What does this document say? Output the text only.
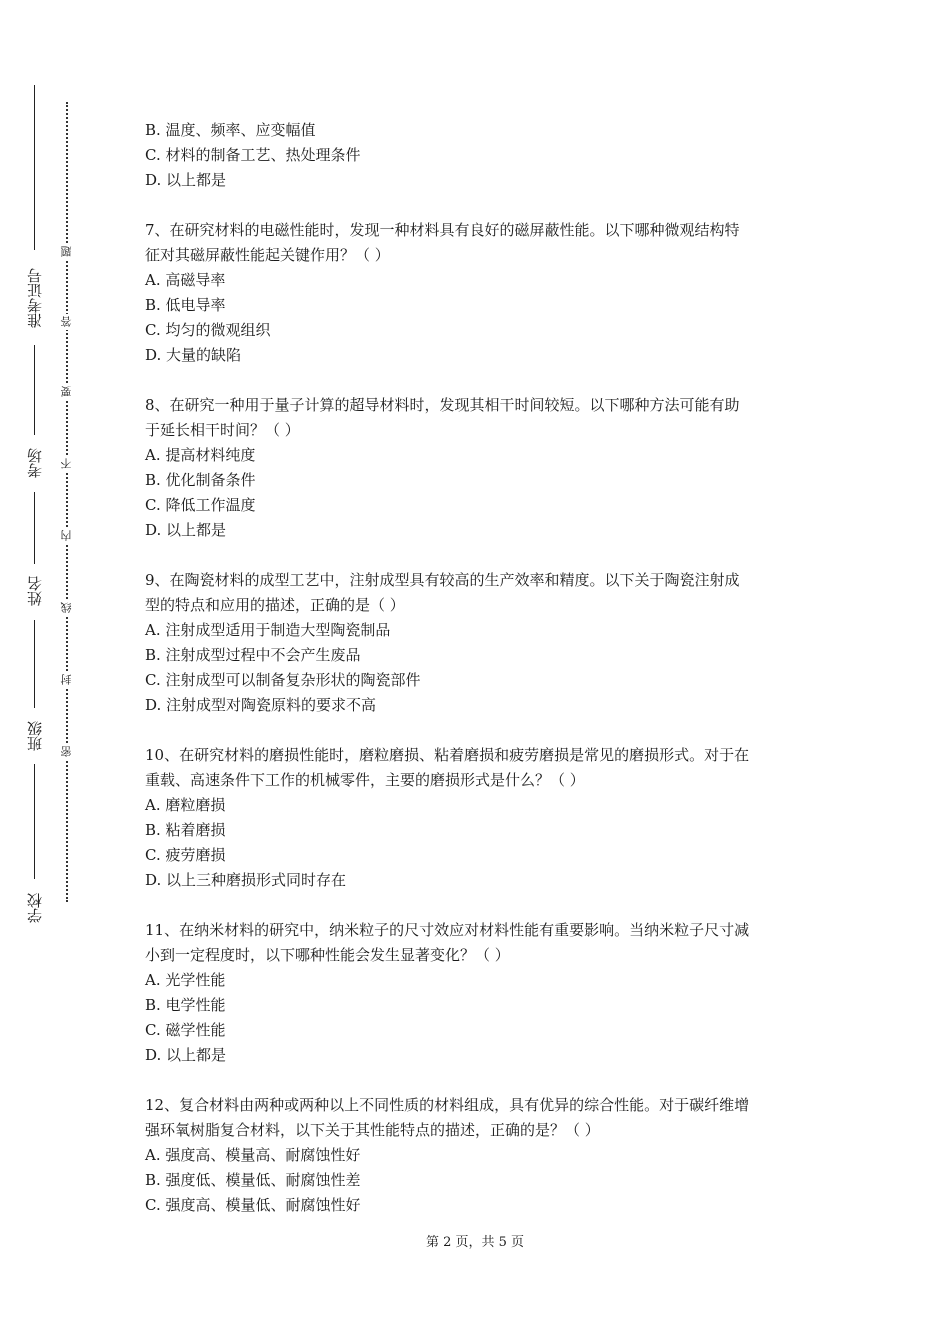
准考证号
考场
姓名
班级
学校
题
答
要
不
内
线
封
密
B. 温度、频率、应变幅值
C. 材料的制备工艺、热处理条件
D. 以上都是
7、在研究材料的电磁性能时，发现一种材料具有良好的磁屏蔽性能。以下哪种微观结构特
征对其磁屏蔽性能起关键作用？（ ）
A. 高磁导率
B. 低电导率
C. 均匀的微观组织
D. 大量的缺陷
8、在研究一种用于量子计算的超导材料时，发现其相干时间较短。以下哪种方法可能有助
于延长相干时间？（ ）
A. 提高材料纯度
B. 优化制备条件
C. 降低工作温度
D. 以上都是
9、在陶瓷材料的成型工艺中，注射成型具有较高的生产效率和精度。以下关于陶瓷注射成
型的特点和应用的描述，正确的是（ ）
A. 注射成型适用于制造大型陶瓷制品
B. 注射成型过程中不会产生废品
C. 注射成型可以制备复杂形状的陶瓷部件
D. 注射成型对陶瓷原料的要求不高
10、在研究材料的磨损性能时，磨粒磨损、粘着磨损和疲劳磨损是常见的磨损形式。对于在
重载、高速条件下工作的机械零件，主要的磨损形式是什么？（ ）
A. 磨粒磨损
B. 粘着磨损
C. 疲劳磨损
D. 以上三种磨损形式同时存在
11、在纳米材料的研究中，纳米粒子的尺寸效应对材料性能有重要影响。当纳米粒子尺寸减
小到一定程度时，以下哪种性能会发生显著变化？（ ）
A. 光学性能
B. 电学性能
C. 磁学性能
D. 以上都是
12、复合材料由两种或两种以上不同性质的材料组成，具有优异的综合性能。对于碳纤维增
强环氧树脂复合材料，以下关于其性能特点的描述，正确的是？（ ）
A. 强度高、模量高、耐腐蚀性好
B. 强度低、模量低、耐腐蚀性差
C. 强度高、模量低、耐腐蚀性好
第 2 页，共 5 页
